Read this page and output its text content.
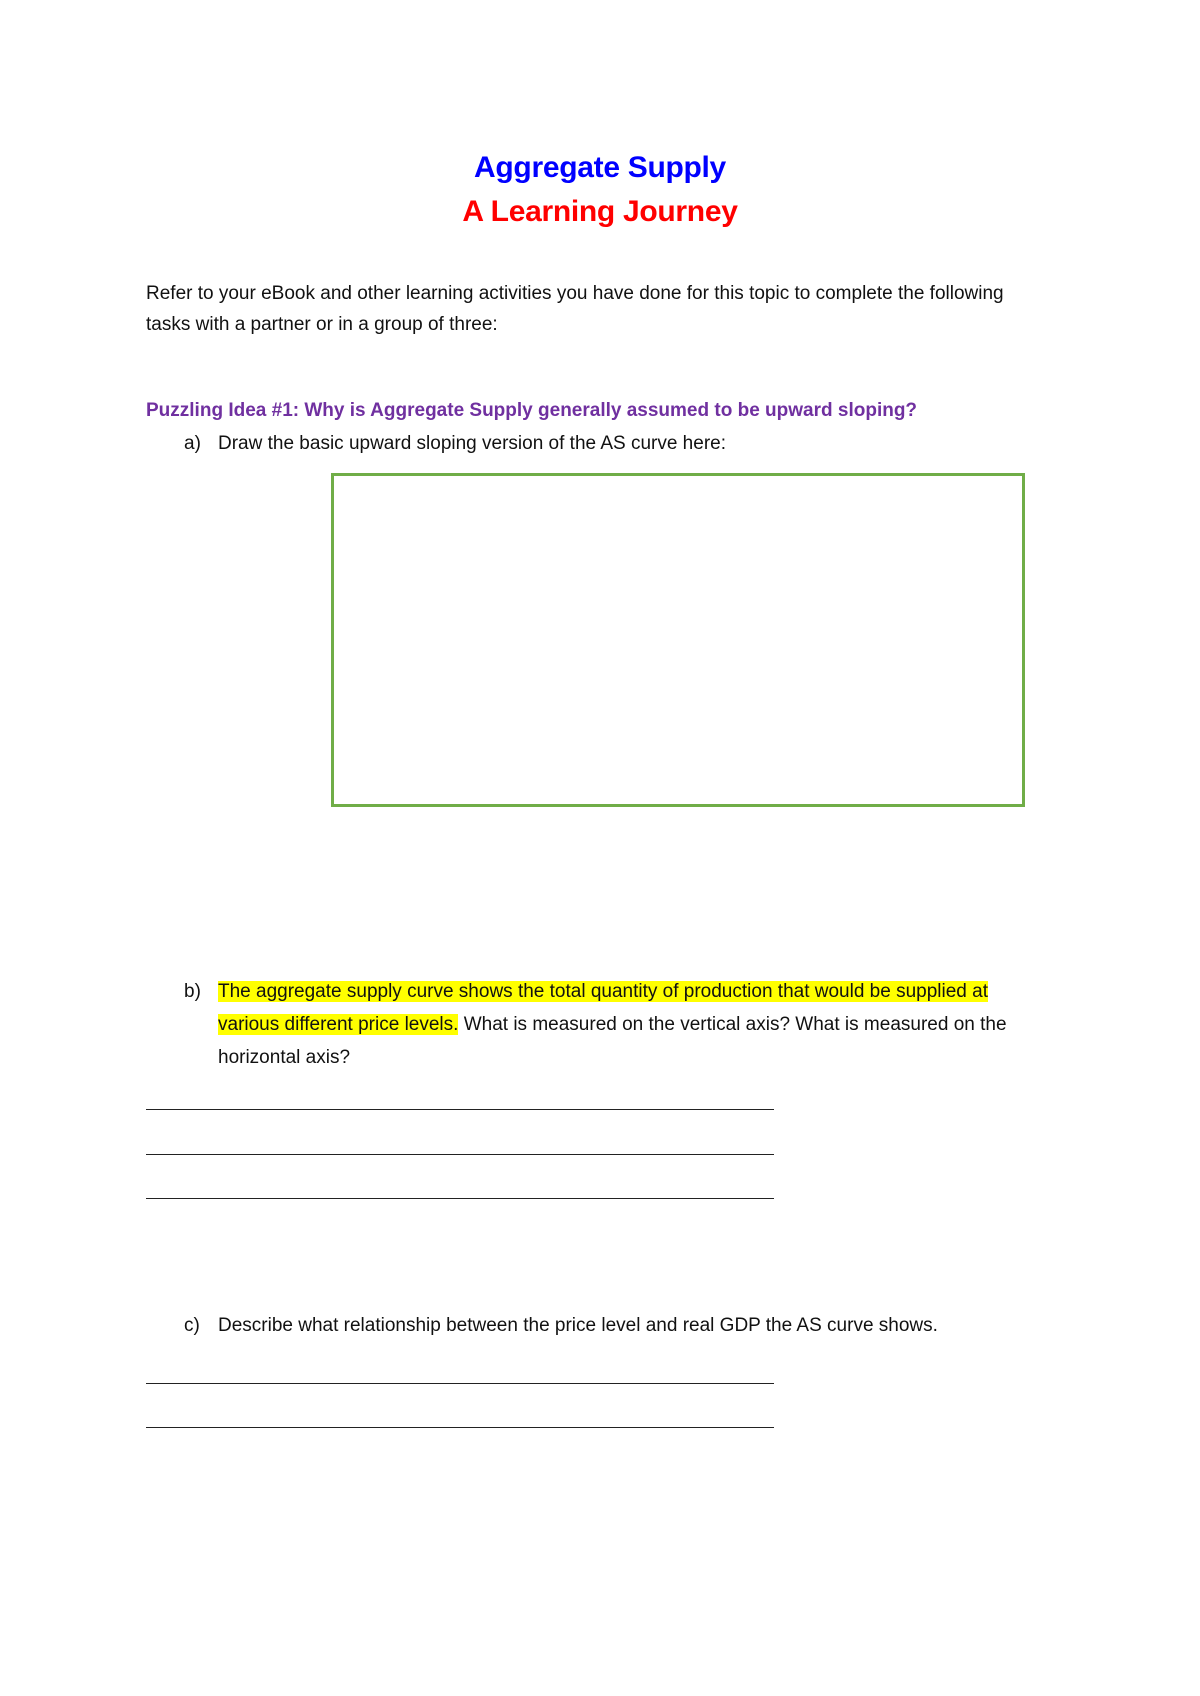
Aggregate Supply
A Learning Journey
Refer to your eBook and other learning activities you have done for this topic to complete the following
tasks with a partner or in a group of three:
Puzzling Idea #1: Why is Aggregate Supply generally assumed to be upward sloping?
a) Draw the basic upward sloping version of the AS curve here:
b) The aggregate supply curve shows the total quantity of production that would be supplied at
various different price levels. What is measured on the vertical axis? What is measured on the
horizontal axis?
c) Describe what relationship between the price level and real GDP the AS curve shows.
